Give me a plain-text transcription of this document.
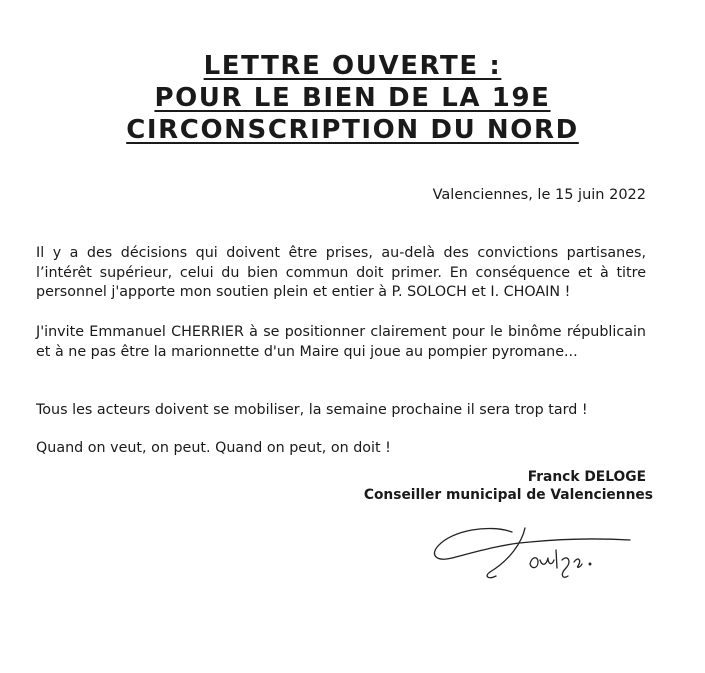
LETTRE OUVERTE :
POUR LE BIEN DE LA 19E
CIRCONSCRIPTION DU NORD
Valenciennes, le 15 juin 2022

Il y a des décisions qui doivent être prises, au-delà des convictions partisanes, l’intérêt supérieur, celui du bien commun doit primer. En conséquence et à titre personnel j'apporte mon soutien plein et entier à P. SOLOCH et I. CHOAIN !

J'invite Emmanuel CHERRIER à se positionner clairement pour le binôme républicain et à ne pas être la marionnette d'un Maire qui joue au pompier pyromane...

Tous les acteurs doivent se mobiliser, la semaine prochaine il sera trop tard !

Quand on veut, on peut. Quand on peut, on doit !

Franck DELOGE
Conseiller municipal de Valenciennes
